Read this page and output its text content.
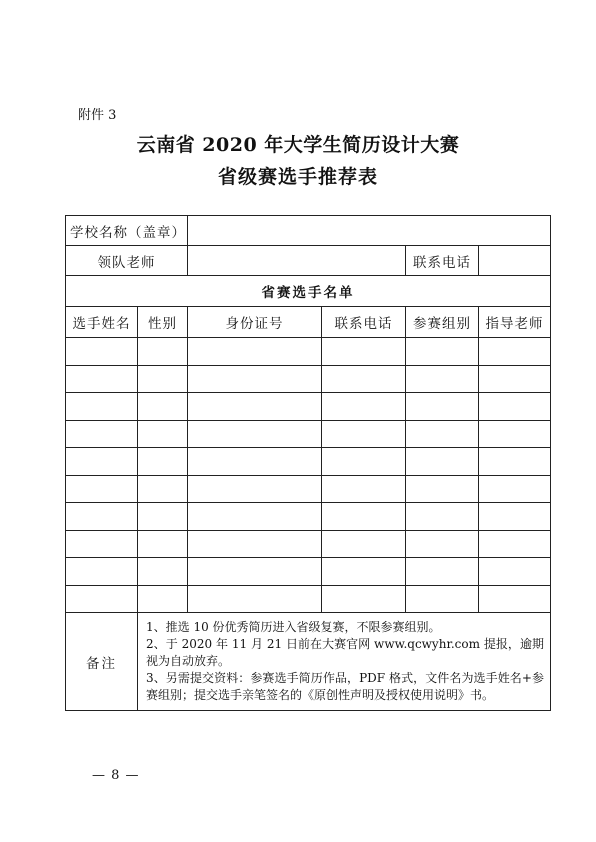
附件 3
云南省 2020 年大学生简历设计大赛
省级赛选手推荐表
学校名称（盖章）					
领队老师				联系电话	
省赛选手名单					
选手姓名	性别	身份证号	联系电话	参赛组别	指导老师

备注	1、推选 10 份优秀简历进入省级复赛，不限参赛组别。
2、于 2020 年 11 月 21 日前在大赛官网 www.qcwyhr.com 提报，逾期视为自动放弃。
3、另需提交资料：参赛选手简历作品，PDF 格式，文件名为选手姓名+参赛组别；提交选手亲笔签名的《原创性声明及授权使用说明》书。				
— 8 —
